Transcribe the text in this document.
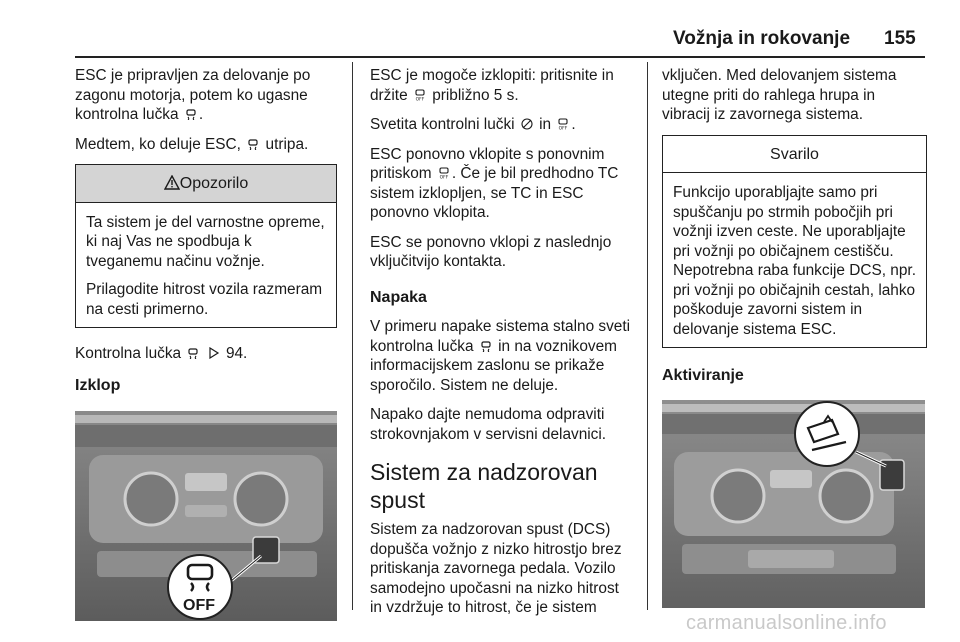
Vožnja in rokovanje 155

ESC je pripravljen za delovanje po zagonu motorja, potem ko ugasne kontrolna lučka .

Medtem, ko deluje ESC, utripa.

Opozorilo

Ta sistem je del varnostne opreme, ki naj Vas ne spodbuja k tveganemu načinu vožnje.

Prilagodite hitrost vozila razmeram na cesti primerno.

Kontrolna lučka	94.

Izklop
OFF

ESC je mogoče izklopiti: pritisnite in držite OFF približno 5 s.

Svetita kontrolni lučki in OFF .

ESC ponovno vklopite s ponovnim pritiskom OFF . Če je bil predhodno TC sistem izklopljen, se TC in ESC ponovno vklopita.

ESC se ponovno vklopi z naslednjo vključitvijo kontakta.

Napaka

V primeru napake sistema stalno sveti kontrolna lučka in na voznikovem informacijskem zaslonu se prikaže sporočilo. Sistem ne deluje.

Napako dajte nemudoma odpraviti strokovnjakom v servisni delavnici.

Sistem za nadzorovan spust

Sistem za nadzorovan spust (DCS) dopušča vožnjo z nizko hitrostjo brez pritiskanja zavornega pedala. Vozilo samodejno upočasni na nizko hitrost in vzdržuje to hitrost, če je sistem

vključen. Med delovanjem sistema utegne priti do rahlega hrupa in vibracij iz zavornega sistema.

Svarilo

Funkcijo uporabljajte samo pri spuščanju po strmih pobočjih pri vožnji izven ceste. Ne uporabljajte pri vožnji po običajnem cestišču. Nepotrebna raba funkcije DCS, npr. pri vožnji po običajnih cestah, lahko poškoduje zavorni sistem in delovanje sistema ESC.

Aktiviranje
carmanualsonline.info
